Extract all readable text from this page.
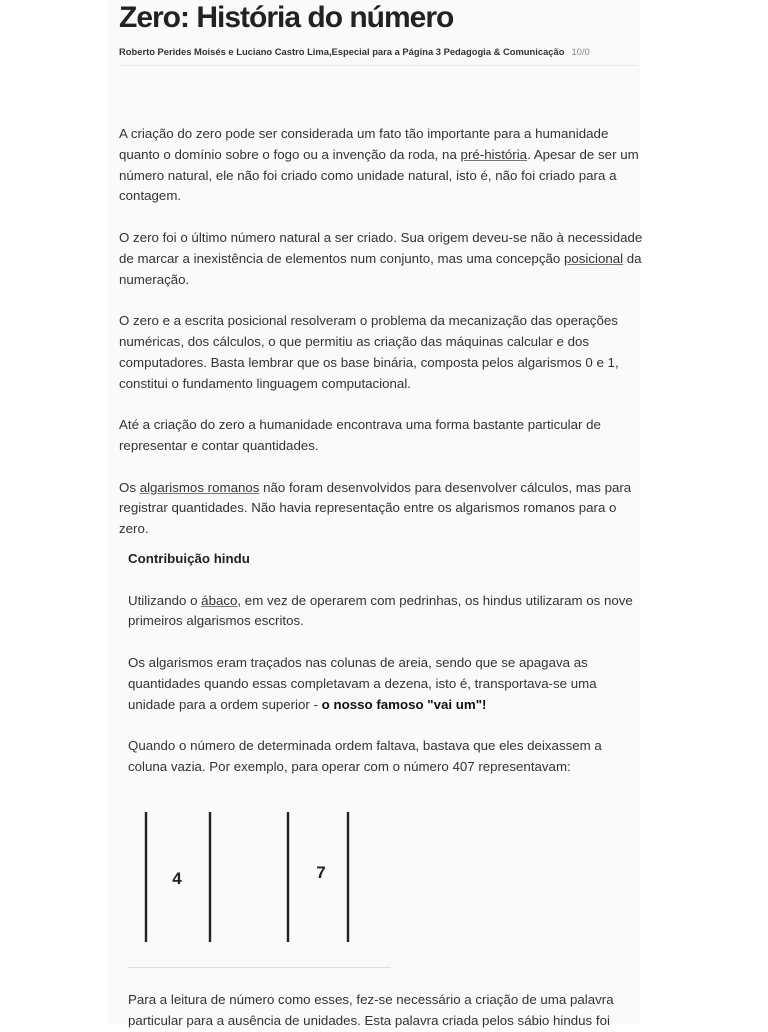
Zero: História do número
Roberto Perides Moisés e Luciano Castro Lima,Especial para a Página 3 Pedagogia & Comunicação 10/0

A criação do zero pode ser considerada um fato tão importante para a humanidade quanto o domínio sobre o fogo ou a invenção da roda, na pré-história. Apesar de ser um número natural, ele não foi criado como unidade natural, isto é, não foi criado para a contagem.

O zero foi o último número natural a ser criado. Sua origem deveu-se não à necessidade de marcar a inexistência de elementos num conjunto, mas uma concepção posicional da numeração.

O zero e a escrita posicional resolveram o problema da mecanização das operações numéricas, dos cálculos, o que permitiu as criação das máquinas calcular e dos computadores. Basta lembrar que os base binária, composta pelos algarismos 0 e 1, constitui o fundamento linguagem computacional.

Até a criação do zero a humanidade encontrava uma forma bastante particular de representar e contar quantidades.

Os algarismos romanos não foram desenvolvidos para desenvolver cálculos, mas para registrar quantidades. Não havia representação entre os algarismos romanos para o zero.

Contribuição hindu

Utilizando o ábaco, em vez de operarem com pedrinhas, os hindus utilizaram os nove primeiros algarismos escritos.

Os algarismos eram traçados nas colunas de areia, sendo que se apagava as quantidades quando essas completavam a dezena, isto é, transportava-se uma unidade para a ordem superior - o nosso famoso "vai um"!

Quando o número de determinada ordem faltava, bastava que eles deixassem a coluna vazia. Por exemplo, para operar com o número 407 representavam:

4	7

Para a leitura de número como esses, fez-se necessário a criação de uma palavra particular para a ausência de unidades. Esta palavra criada pelos sábio hindus foi
